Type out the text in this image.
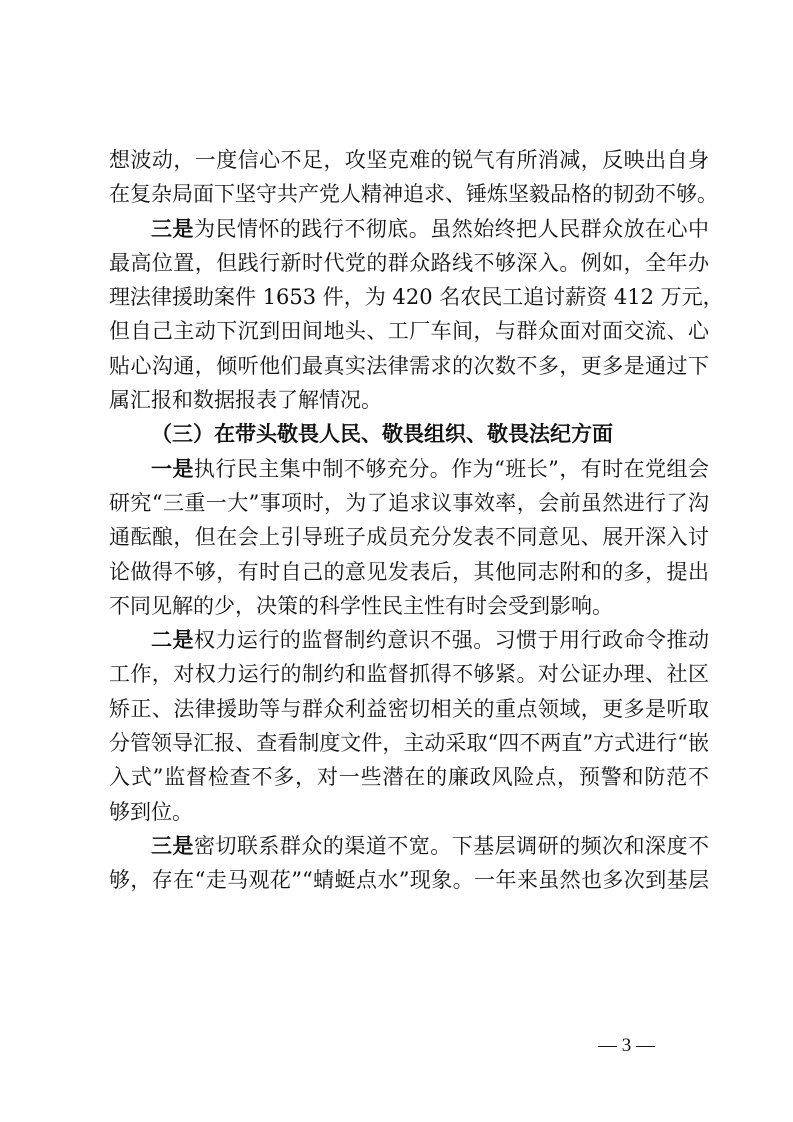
想波动，一度信心不足，攻坚克难的锐气有所消减，反映出自身
在复杂局面下坚守共产党人精神追求、锤炼坚毅品格的韧劲不够。
三是为民情怀的践行不彻底。虽然始终把人民群众放在心中
最高位置，但践行新时代党的群众路线不够深入。例如，全年办
理法律援助案件 1653 件，为 420 名农民工追讨薪资 412 万元，
但自己主动下沉到田间地头、工厂车间，与群众面对面交流、心
贴心沟通，倾听他们最真实法律需求的次数不多，更多是通过下
属汇报和数据报表了解情况。
（三）在带头敬畏人民、敬畏组织、敬畏法纪方面
一是执行民主集中制不够充分。作为“班长”，有时在党组会
研究“三重一大”事项时，为了追求议事效率，会前虽然进行了沟
通酝酿，但在会上引导班子成员充分发表不同意见、展开深入讨
论做得不够，有时自己的意见发表后，其他同志附和的多，提出
不同见解的少，决策的科学性民主性有时会受到影响。
二是权力运行的监督制约意识不强。习惯于用行政命令推动
工作，对权力运行的制约和监督抓得不够紧。对公证办理、社区
矫正、法律援助等与群众利益密切相关的重点领域，更多是听取
分管领导汇报、查看制度文件，主动采取“四不两直”方式进行“嵌
入式”监督检查不多，对一些潜在的廉政风险点，预警和防范不
够到位。
三是密切联系群众的渠道不宽。下基层调研的频次和深度不
够，存在“走马观花”“蜻蜓点水”现象。一年来虽然也多次到基层
— 3 —
